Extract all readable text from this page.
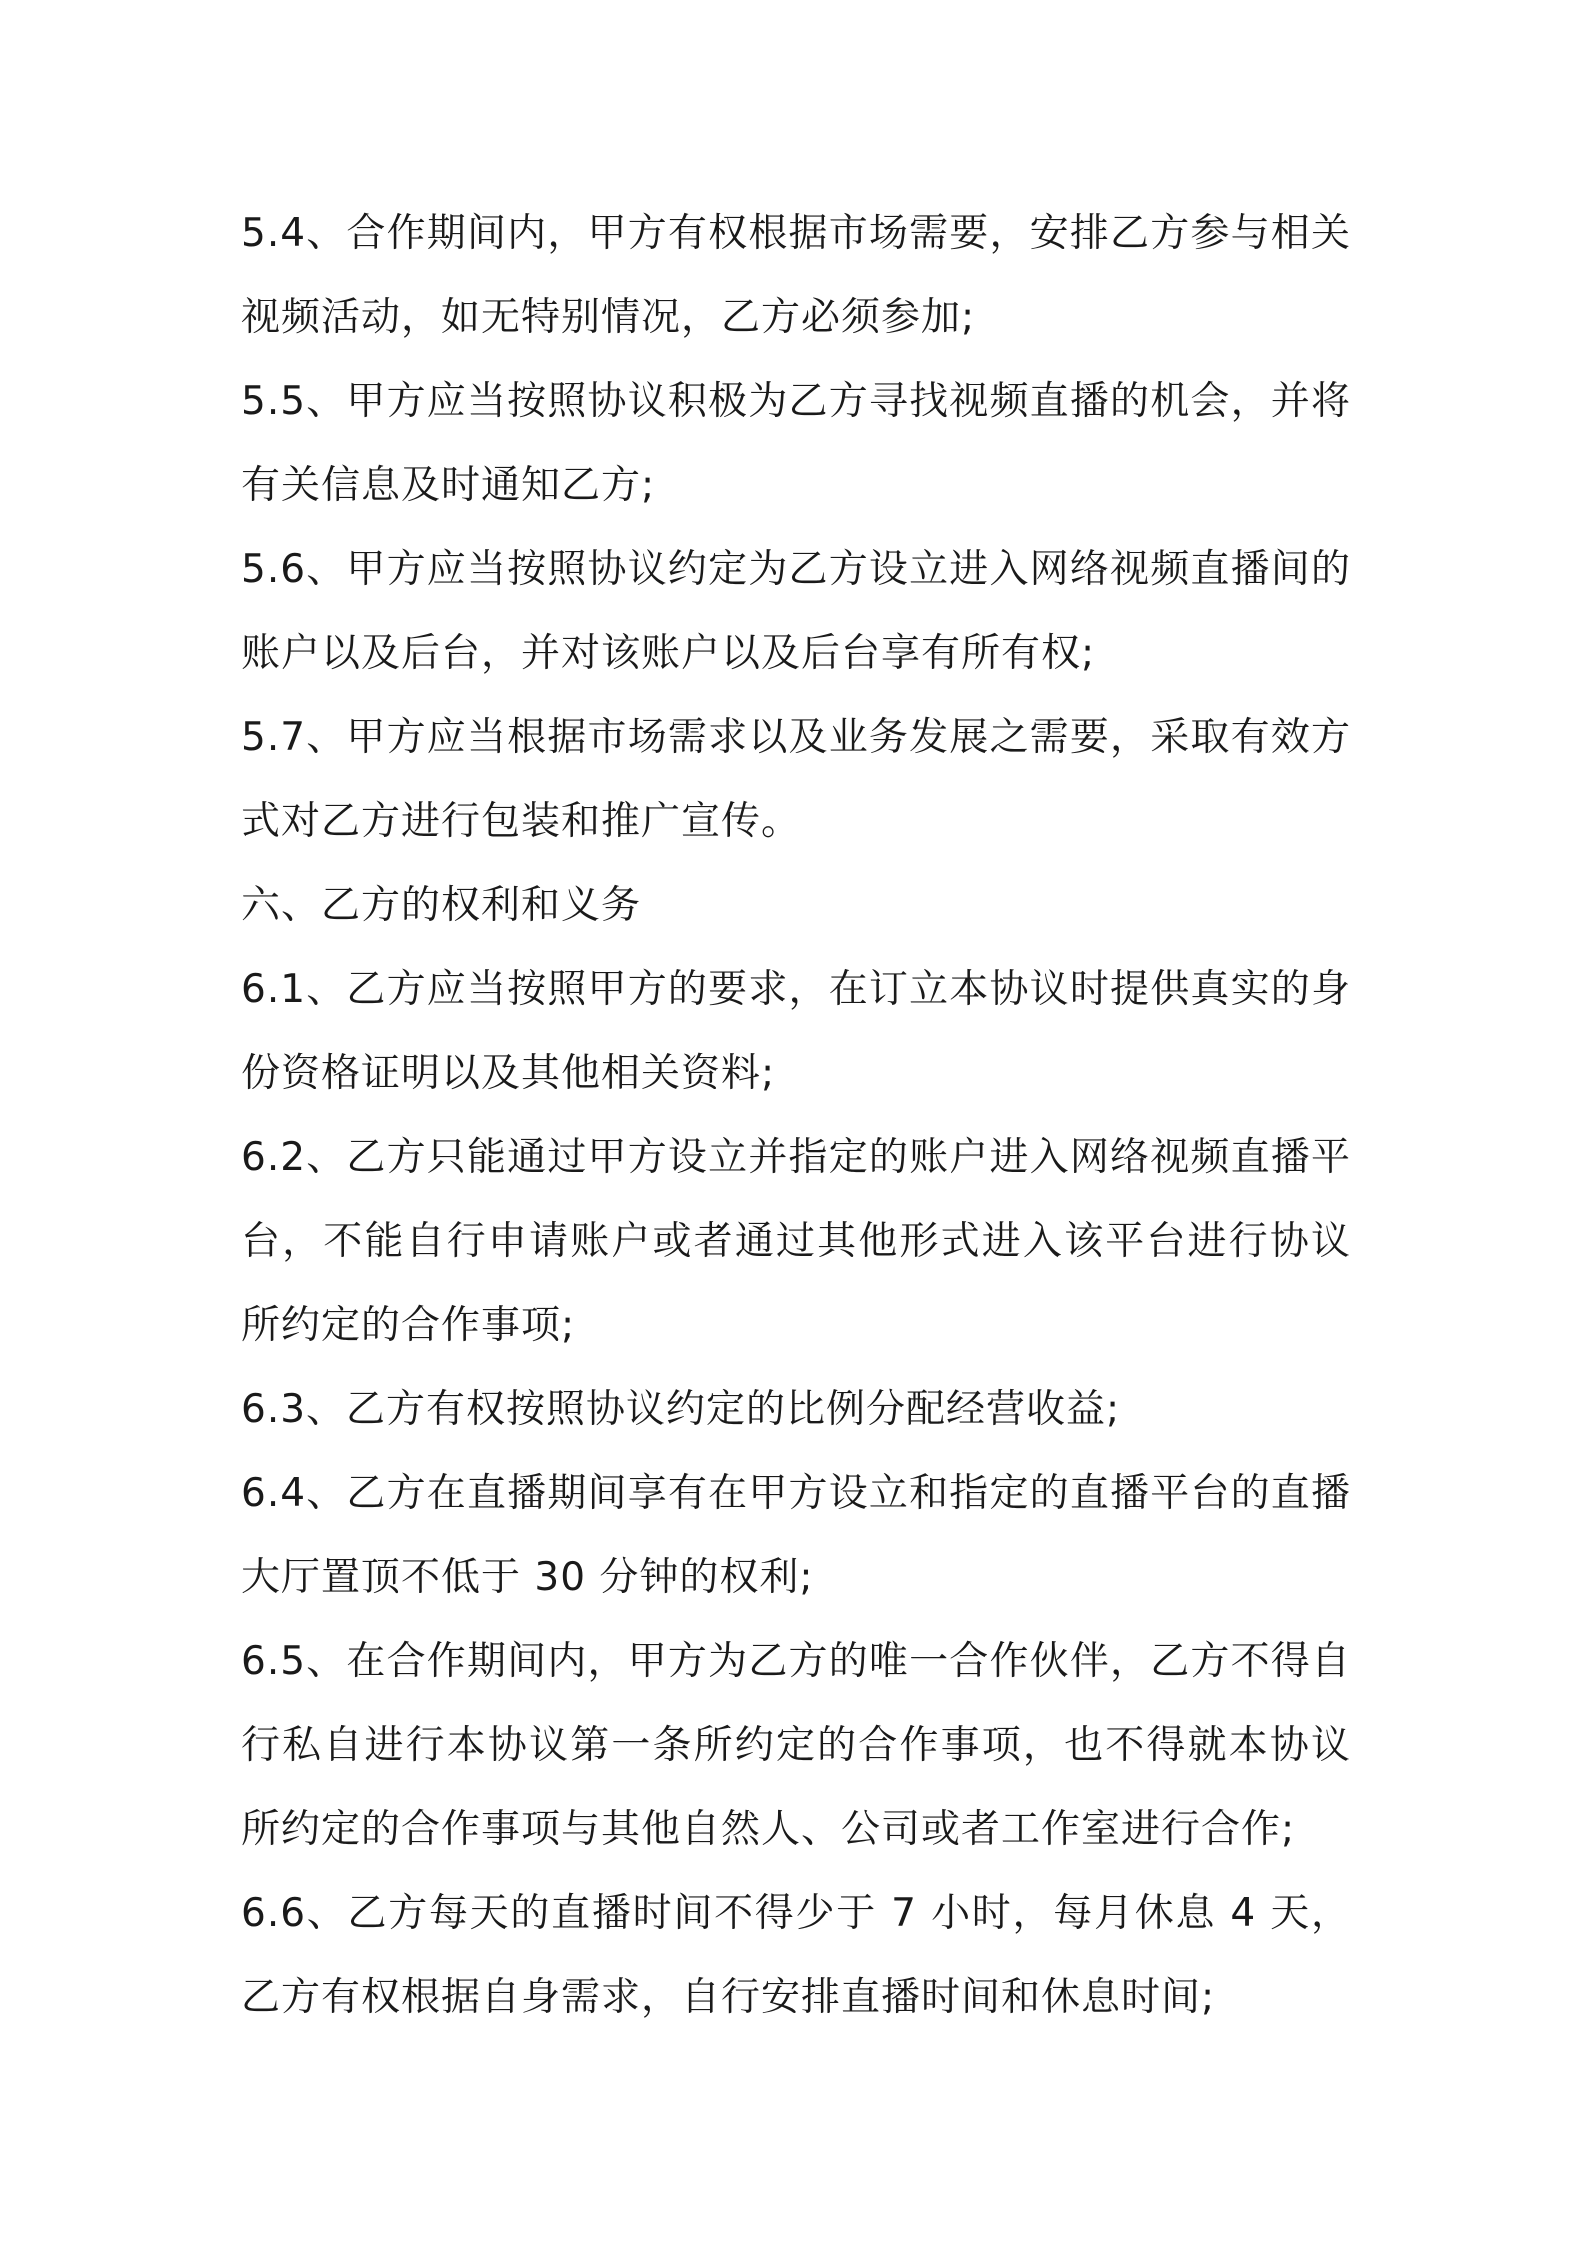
5.4、合作期间内，甲方有权根据市场需要，安排乙方参与相关视频活动，如无特别情况，乙方必须参加;

5.5、甲方应当按照协议积极为乙方寻找视频直播的机会，并将有关信息及时通知乙方;

5.6、甲方应当按照协议约定为乙方设立进入网络视频直播间的账户以及后台，并对该账户以及后台享有所有权;

5.7、甲方应当根据市场需求以及业务发展之需要，采取有效方式对乙方进行包装和推广宣传。

六、乙方的权利和义务

6.1、乙方应当按照甲方的要求，在订立本协议时提供真实的身份资格证明以及其他相关资料;

6.2、乙方只能通过甲方设立并指定的账户进入网络视频直播平台，不能自行申请账户或者通过其他形式进入该平台进行协议所约定的合作事项;

6.3、乙方有权按照协议约定的比例分配经营收益;

6.4、乙方在直播期间享有在甲方设立和指定的直播平台的直播大厅置顶不低于 30 分钟的权利;

6.5、在合作期间内，甲方为乙方的唯一合作伙伴，乙方不得自行私自进行本协议第一条所约定的合作事项，也不得就本协议所约定的合作事项与其他自然人、公司或者工作室进行合作;

6.6、乙方每天的直播时间不得少于 7 小时，每月休息 4 天，乙方有权根据自身需求，自行安排直播时间和休息时间;
